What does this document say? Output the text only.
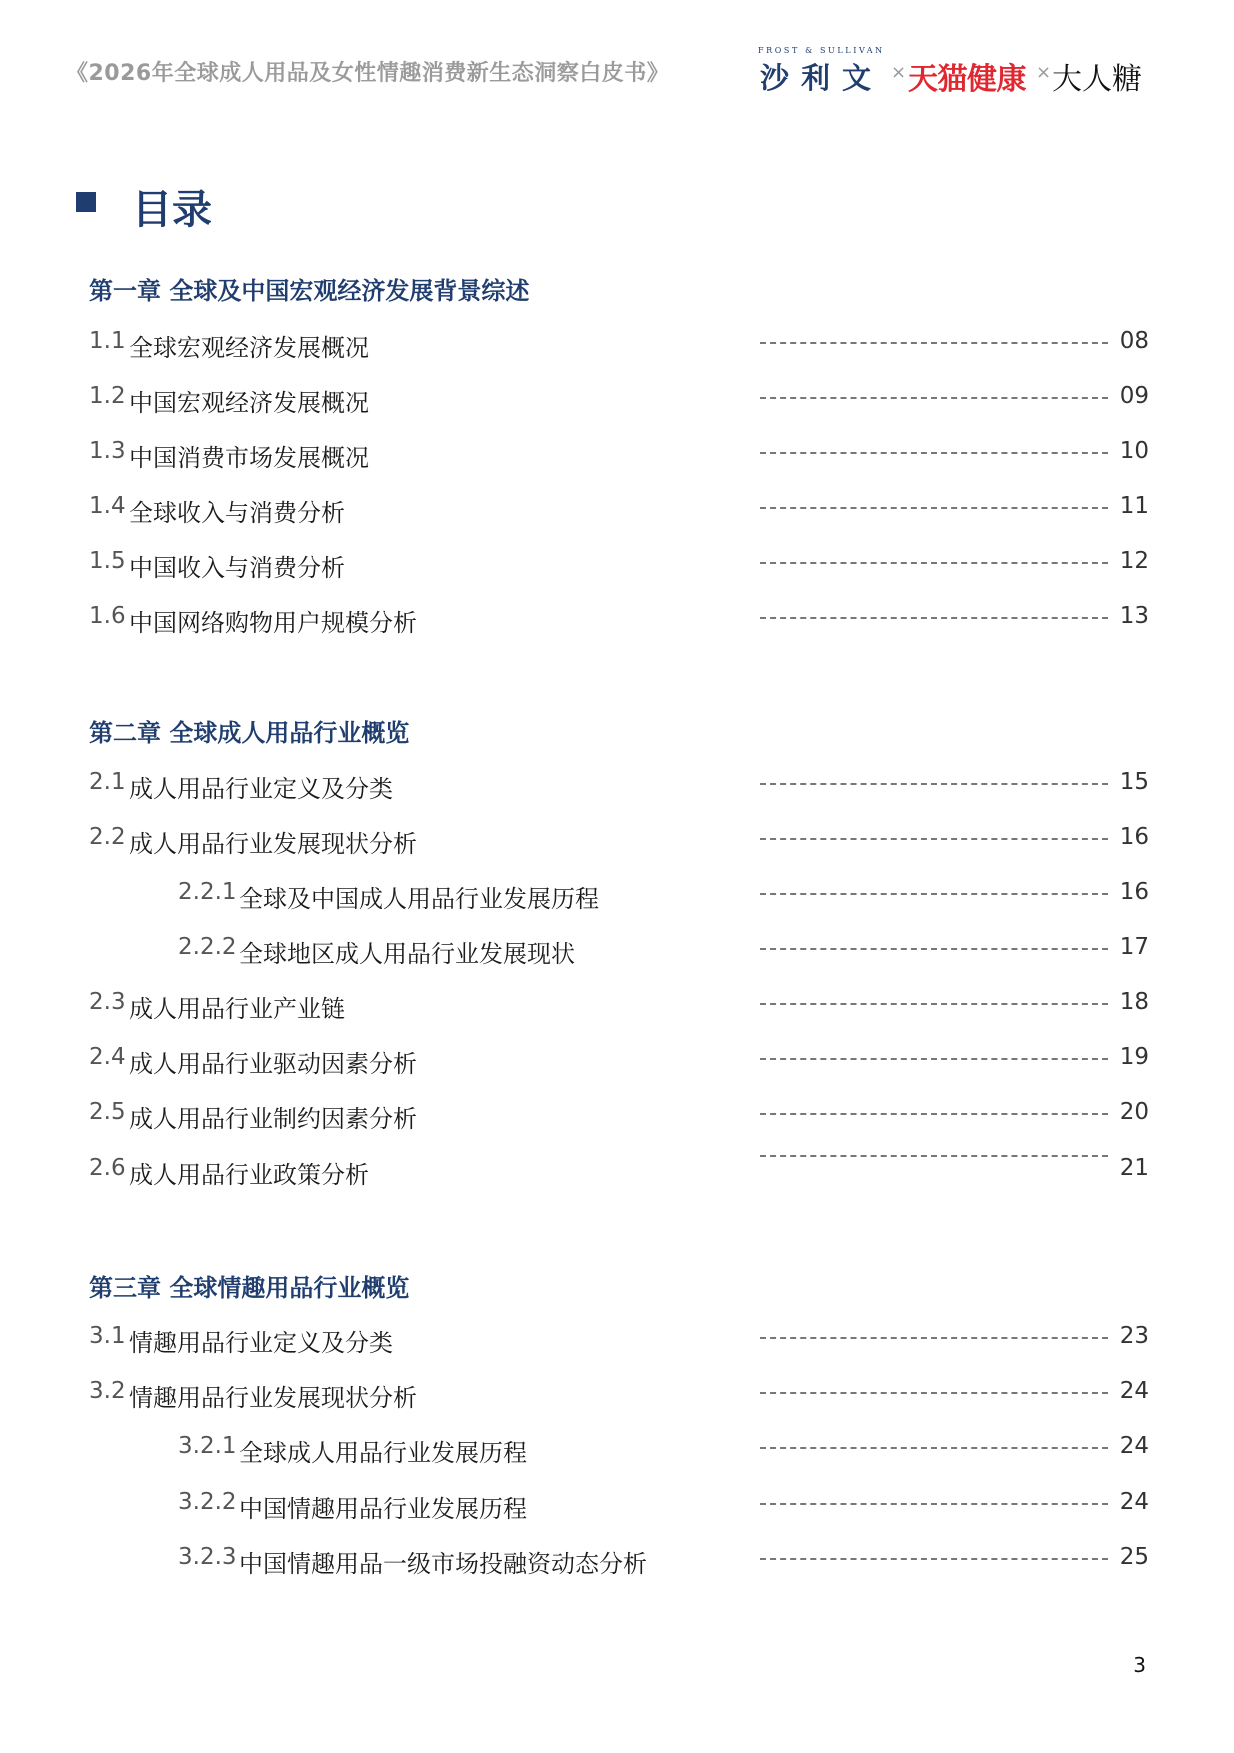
《2026年全球成人用品及女性情趣消费新生态洞察白皮书》
FROST & SULLIVAN
沙利文 × 天猫健康 × 大人糖
目录
第一章 全球及中国宏观经济发展背景综述
1.1 全球宏观经济发展概况	08
1.2 中国宏观经济发展概况	09
1.3 中国消费市场发展概况	10
1.4 全球收入与消费分析	11
1.5 中国收入与消费分析	12
1.6 中国网络购物用户规模分析	13
第二章 全球成人用品行业概览
2.1 成人用品行业定义及分类	15
2.2 成人用品行业发展现状分析	16
2.2.1 全球及中国成人用品行业发展历程	16
2.2.2 全球地区成人用品行业发展现状	17
2.3 成人用品行业产业链	18
2.4 成人用品行业驱动因素分析	19
2.5 成人用品行业制约因素分析	20
2.6 成人用品行业政策分析	21
第三章 全球情趣用品行业概览
3.1 情趣用品行业定义及分类	23
3.2 情趣用品行业发展现状分析	24
3.2.1 全球成人用品行业发展历程	24
3.2.2 中国情趣用品行业发展历程	24
3.2.3 中国情趣用品一级市场投融资动态分析	25
3
